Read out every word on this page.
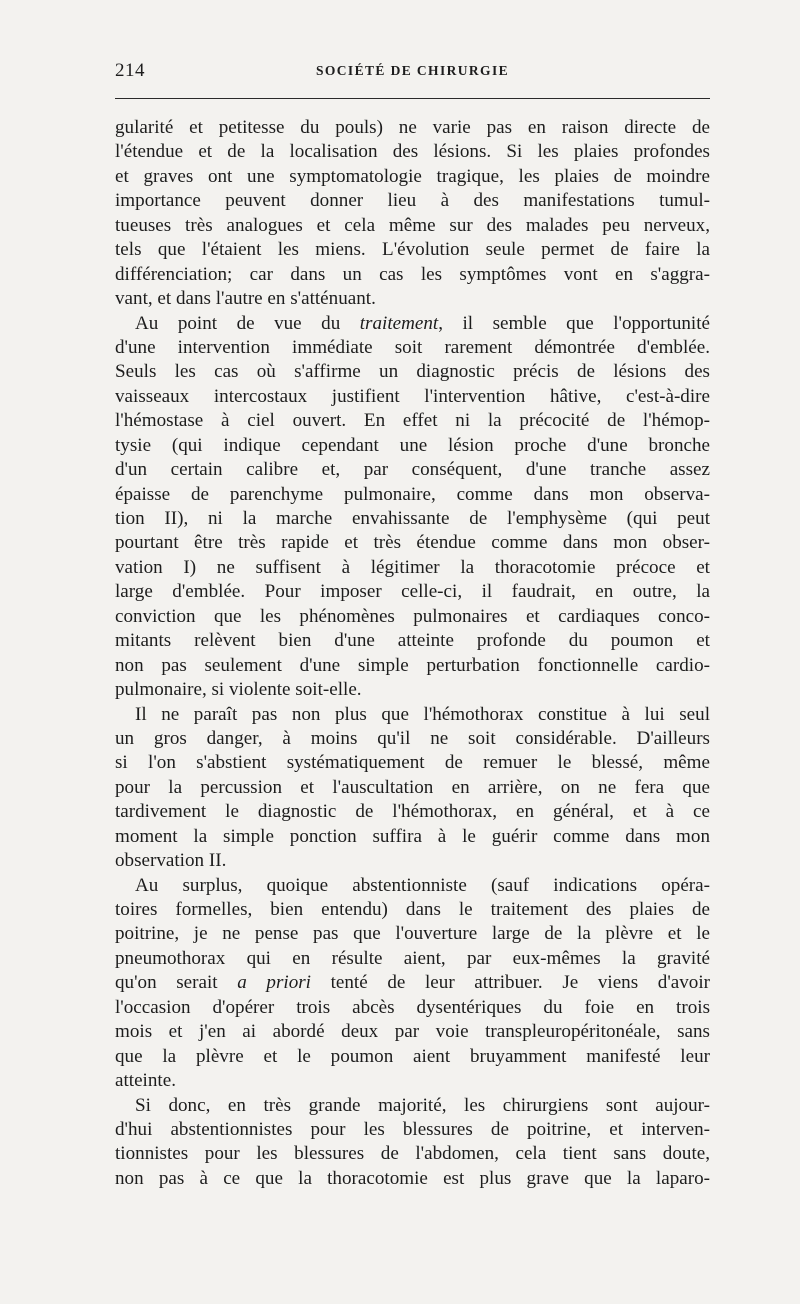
214	SOCIÉTÉ DE CHIRURGIE
gularité et petitesse du pouls) ne varie pas en raison directe de
l'étendue et de la localisation des lésions. Si les plaies profondes
et graves ont une symptomatologie tragique, les plaies de moindre
importance peuvent donner lieu à des manifestations tumul-
tueuses très analogues et cela même sur des malades peu nerveux,
tels que l'étaient les miens. L'évolution seule permet de faire la
différenciation; car dans un cas les symptômes vont en s'aggra-
vant, et dans l'autre en s'atténuant.
Au point de vue du traitement, il semble que l'opportunité
d'une intervention immédiate soit rarement démontrée d'emblée.
Seuls les cas où s'affirme un diagnostic précis de lésions des
vaisseaux intercostaux justifient l'intervention hâtive, c'est-à-dire
l'hémostase à ciel ouvert. En effet ni la précocité de l'hémop-
tysie (qui indique cependant une lésion proche d'une bronche
d'un certain calibre et, par conséquent, d'une tranche assez
épaisse de parenchyme pulmonaire, comme dans mon observa-
tion II), ni la marche envahissante de l'emphysème (qui peut
pourtant être très rapide et très étendue comme dans mon obser-
vation I) ne suffisent à légitimer la thoracotomie précoce et
large d'emblée. Pour imposer celle-ci, il faudrait, en outre, la
conviction que les phénomènes pulmonaires et cardiaques conco-
mitants relèvent bien d'une atteinte profonde du poumon et
non pas seulement d'une simple perturbation fonctionnelle cardio-
pulmonaire, si violente soit-elle.
Il ne paraît pas non plus que l'hémothorax constitue à lui seul
un gros danger, à moins qu'il ne soit considérable. D'ailleurs
si l'on s'abstient systématiquement de remuer le blessé, même
pour la percussion et l'auscultation en arrière, on ne fera que
tardivement le diagnostic de l'hémothorax, en général, et à ce
moment la simple ponction suffira à le guérir comme dans mon
observation II.
Au surplus, quoique abstentionniste (sauf indications opéra-
toires formelles, bien entendu) dans le traitement des plaies de
poitrine, je ne pense pas que l'ouverture large de la plèvre et le
pneumothorax qui en résulte aient, par eux-mêmes la gravité
qu'on serait a priori tenté de leur attribuer. Je viens d'avoir
l'occasion d'opérer trois abcès dysentériques du foie en trois
mois et j'en ai abordé deux par voie transpleuropéritonéale, sans
que la plèvre et le poumon aient bruyamment manifesté leur
atteinte.
Si donc, en très grande majorité, les chirurgiens sont aujour-
d'hui abstentionnistes pour les blessures de poitrine, et interven-
tionnistes pour les blessures de l'abdomen, cela tient sans doute,
non pas à ce que la thoracotomie est plus grave que la laparo-
